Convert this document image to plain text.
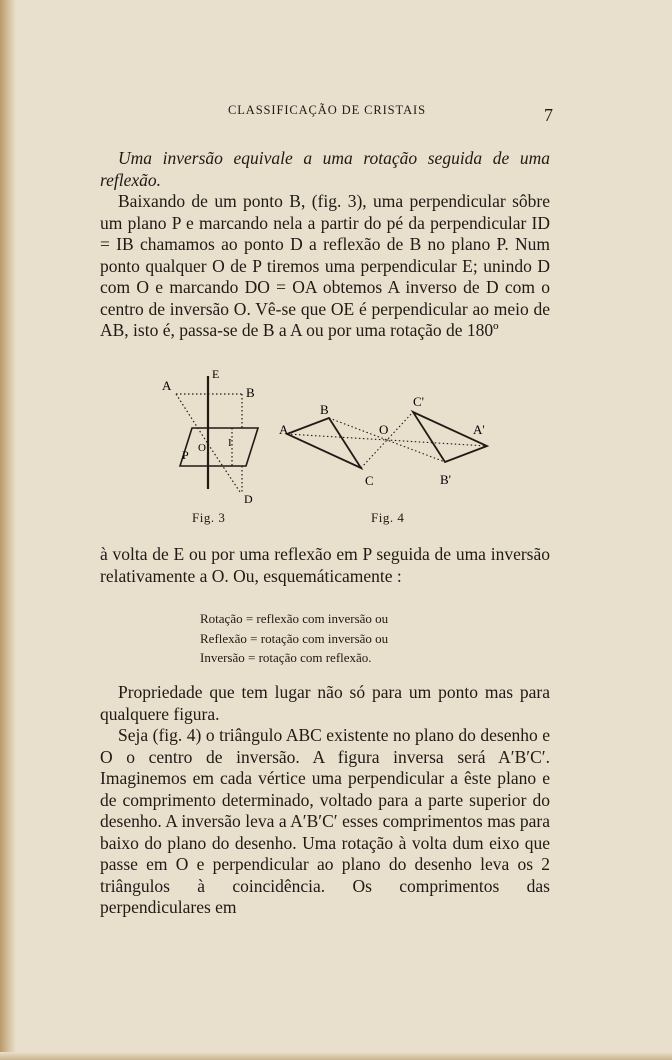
CLASSIFICAÇÃO DE CRISTAIS	7

Uma inversão equivale a uma rotação seguida de uma reflexão.

Baixando de um ponto B, (fig. 3), uma perpendicular sôbre um plano P e marcando nela a partir do pé da perpendicular ID = IB chamamos ao ponto D a reflexão de B no plano P. Num ponto qualquer O de P tiremos uma perpendicular E; unindo D com O e marcando DO = OA obtemos A inverso de D com o centro de inversão O. Vê-se que OE é perpendicular ao meio de AB, isto é, passa-se de B a A ou por uma rotação de 180º

A
E
B
P O I
D
A
B
C
O	A'
B'
C'
Fig. 3	Fig. 4

à volta de E ou por uma reflexão em P seguida de uma inversão relativamente a O. Ou, esquemáticamente :

Rotação = reflexão com inversão ou
Reflexão = rotação com inversão ou
Inversão = rotação com reflexão.

Propriedade que tem lugar não só para um ponto mas para qualquere figura.

Seja (fig. 4) o triângulo ABC existente no plano do desenho e O o centro de inversão. A figura inversa será A′B′C′. Imaginemos em cada vértice uma perpendicular a êste plano e de comprimento determinado, voltado para a parte superior do desenho. A inversão leva a A′B′C′ esses comprimentos mas para baixo do plano do desenho. Uma rotação à volta dum eixo que passe em O e perpendicular ao plano do desenho leva os 2 triângulos à coincidência. Os comprimentos das perpendiculares em
